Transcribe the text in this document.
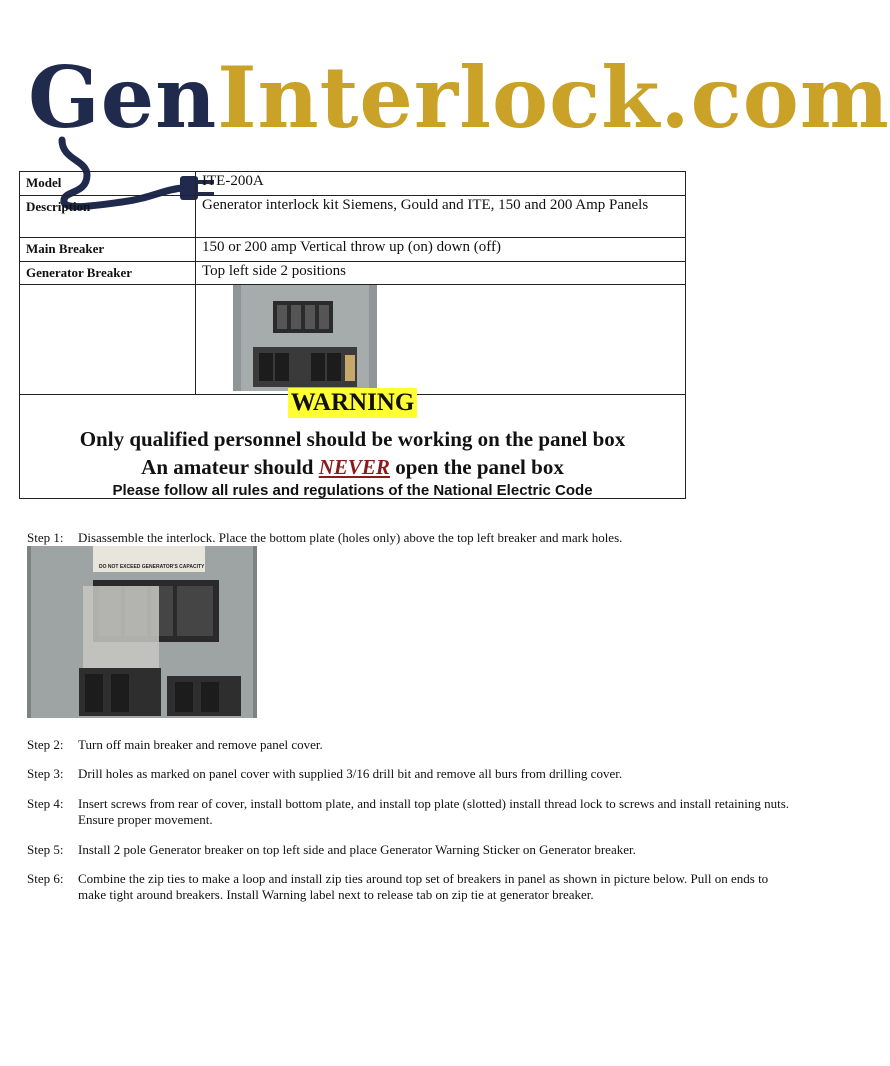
GenInterlock.com
Model	ITE-200A
Description	Generator interlock kit Siemens, Gould and ITE, 150 and 200 Amp Panels
Main Breaker	150 or 200 amp Vertical throw up (on) down (off)
Generator Breaker	Top left side 2 positions

WARNING
Only qualified personnel should be working on the panel box
An amateur should NEVER open the panel box
Please follow all rules and regulations of the National Electric Code
Step 1: Disassemble the interlock. Place the bottom plate (holes only) above the top left breaker and mark holes.
DO NOT EXCEED GENERATOR'S CAPACITY
Step 2: Turn off main breaker and remove panel cover.
Step 3: Drill holes as marked on panel cover with supplied 3/16 drill bit and remove all burs from drilling cover.
Step 4: Insert screws from rear of cover, install bottom plate, and install top plate (slotted) install thread lock to screws and install retaining nuts. Ensure proper movement.
Step 5: Install 2 pole Generator breaker on top left side and place Generator Warning Sticker on Generator breaker.
Step 6: Combine the zip ties to make a loop and install zip ties around top set of breakers in panel as shown in picture below. Pull on ends to make tight around breakers. Install Warning label next to release tab on zip tie at generator breaker.
